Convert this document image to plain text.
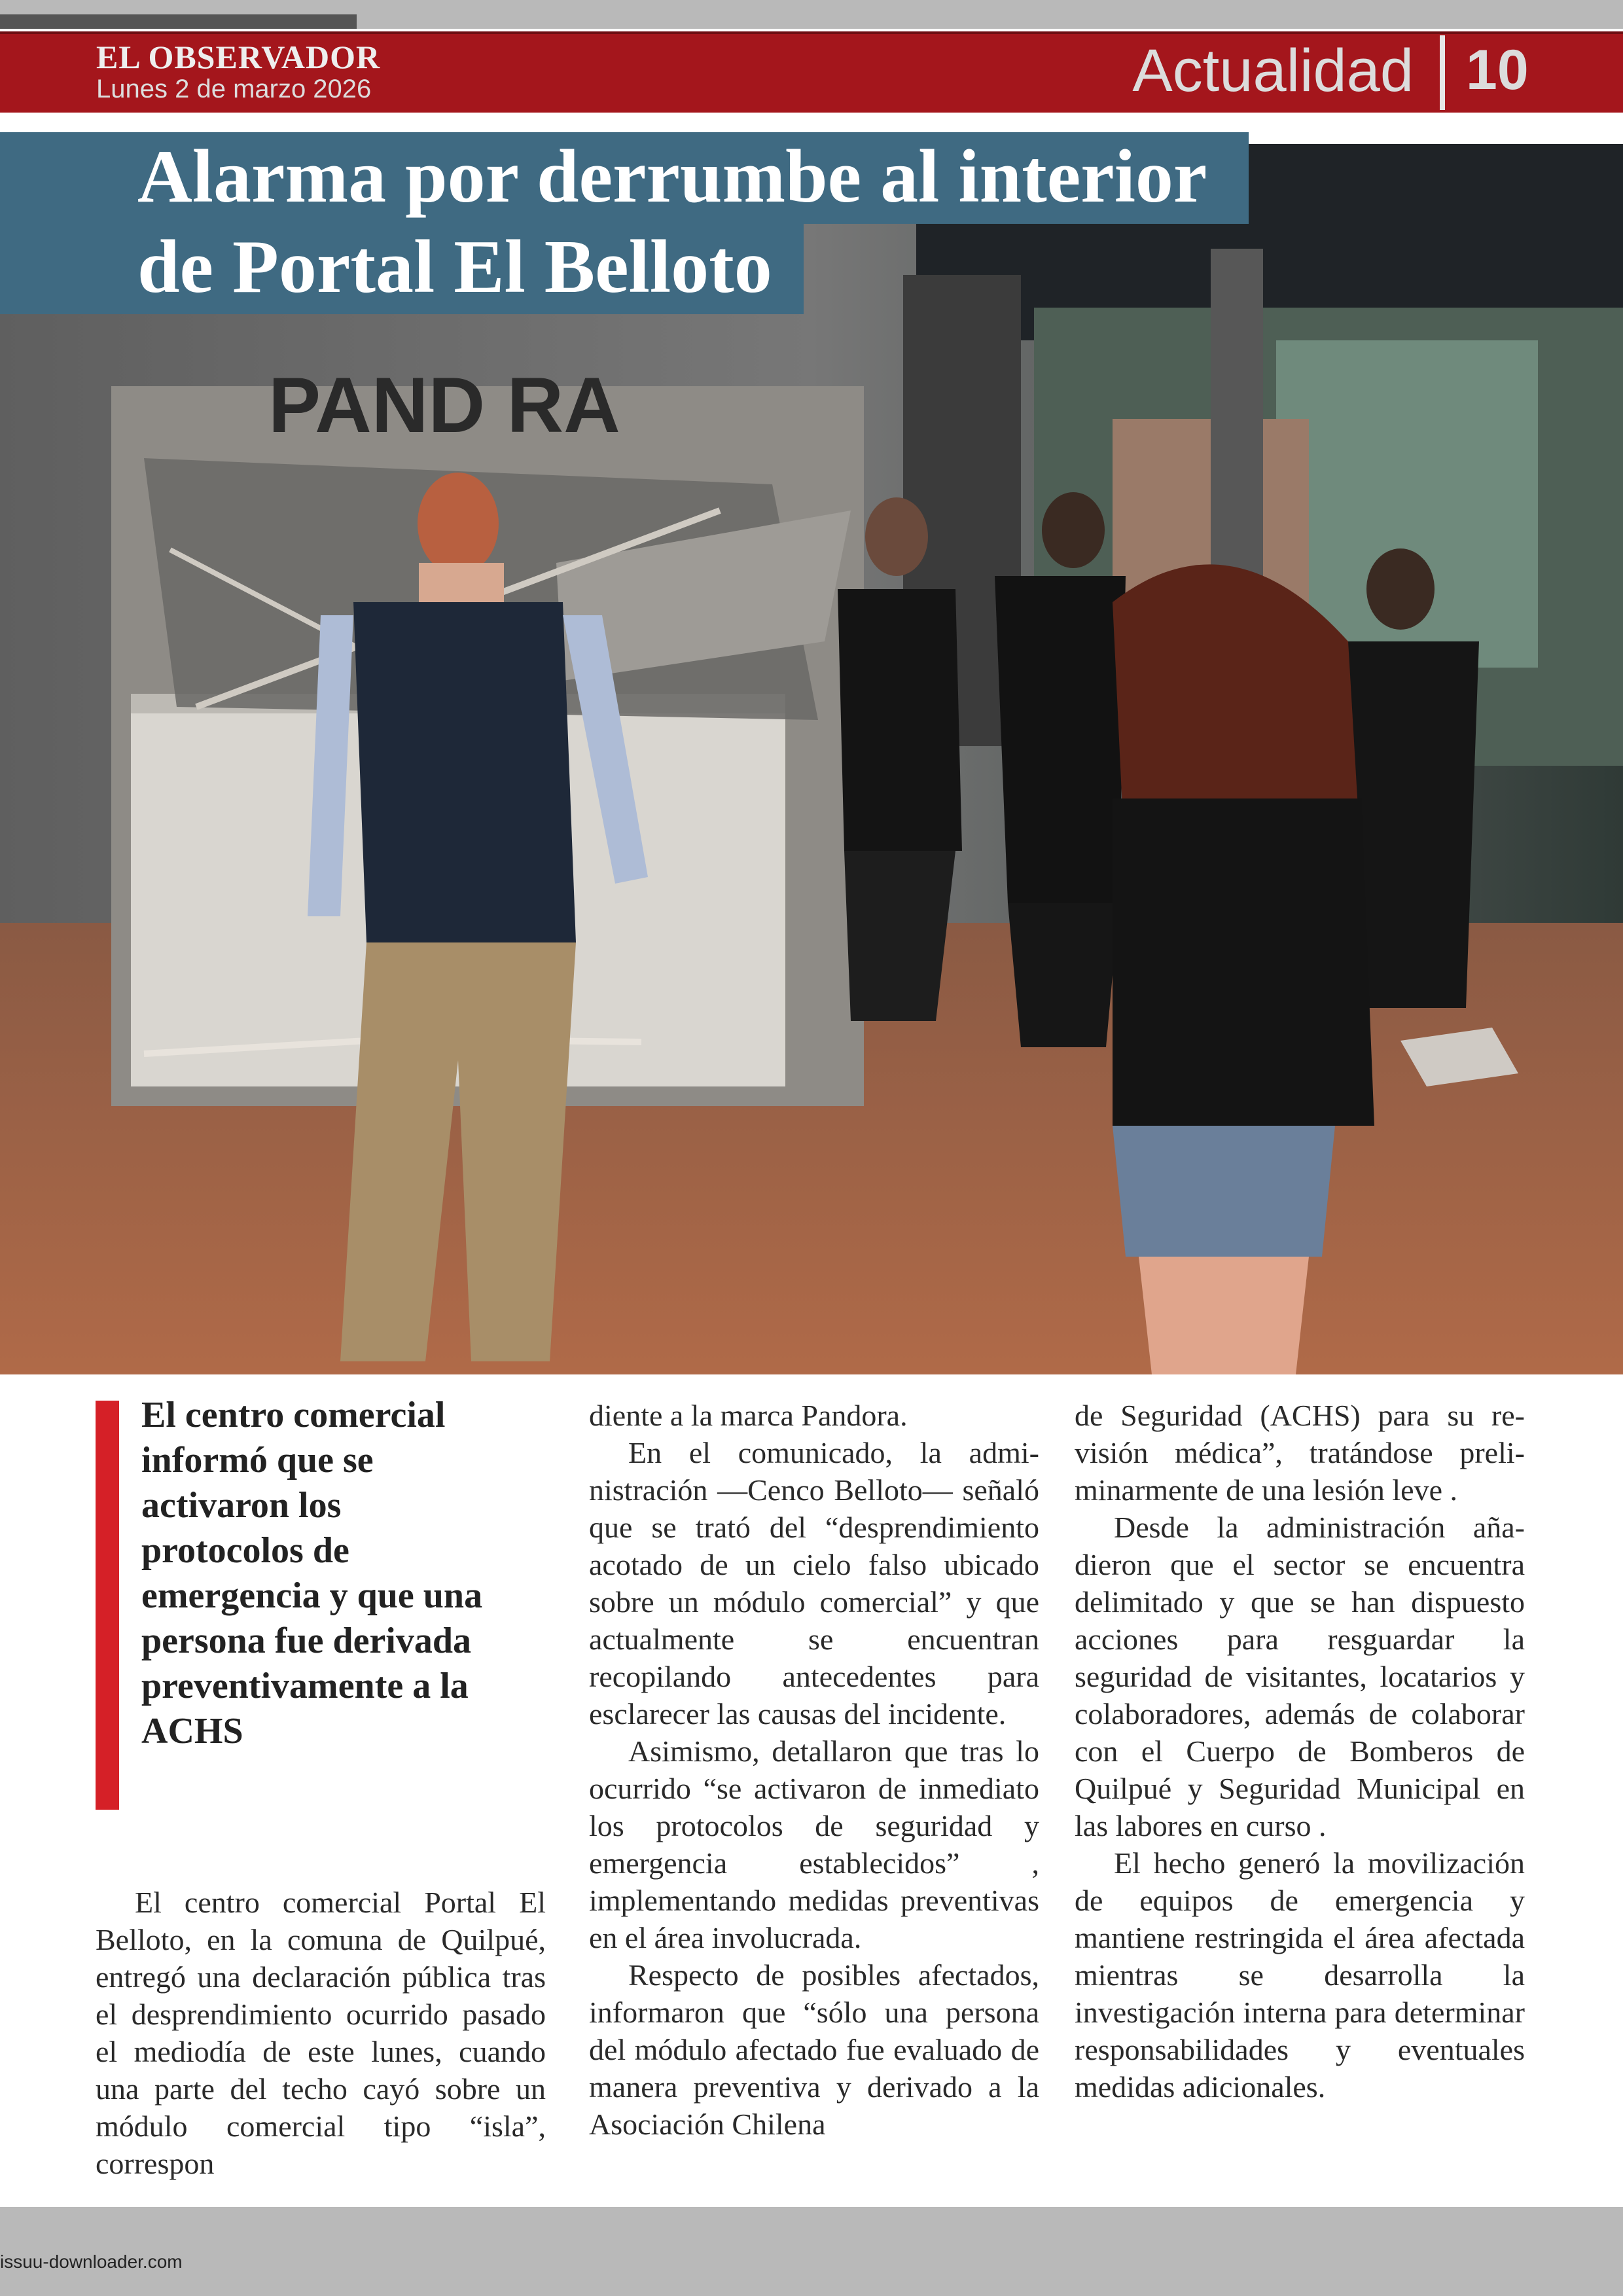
EL OBSERVADOR
Lunes 2 de marzo 2026	Actualidad 10
PAND RA
Alarma por derrumbe al interior
de Portal El Belloto

El centro comercial informó que se activaron los protocolos de emergencia y que una persona fue derivada preventivamente a la ACHS

El centro comercial Portal El Belloto, en la comuna de Quilpué, entregó una declaración pública tras el desprendimiento ocurrido pasado el mediodía de este lunes, cuando una parte del techo cayó sobre un módulo comercial tipo “isla”, correspon

diente a la marca Pandora.

En el comunicado, la administración —Cenco Belloto— señaló que se trató del “desprendimiento acotado de un cielo falso ubicado sobre un módulo comercial” y que actualmente se encuentran recopilando antecedentes para esclarecer las causas del incidente.

Asimismo, detallaron que tras lo ocurrido “se activaron de inmediato los protocolos de seguridad y emergencia establecidos” , implementando medidas preventivas en el área involucrada.

Respecto de posibles afectados, informaron que “sólo una persona del módulo afectado fue evaluado de manera preventiva y derivado a la Asociación Chilena

de Seguridad (ACHS) para su revisión médica”, tratándose preliminarmente de una lesión leve .

Desde la administración añadieron que el sector se encuentra delimitado y que se han dispuesto acciones para resguardar la seguridad de visitantes, locatarios y colaboradores, además de colaborar con el Cuerpo de Bomberos de Quilpué y Seguridad Municipal en las labores en curso .

El hecho generó la movilización de equipos de emergencia y mantiene restringida el área afectada mientras se desarrolla la investigación interna para determinar responsabilidades y eventuales medidas adicionales.

issuu-downloader.com
